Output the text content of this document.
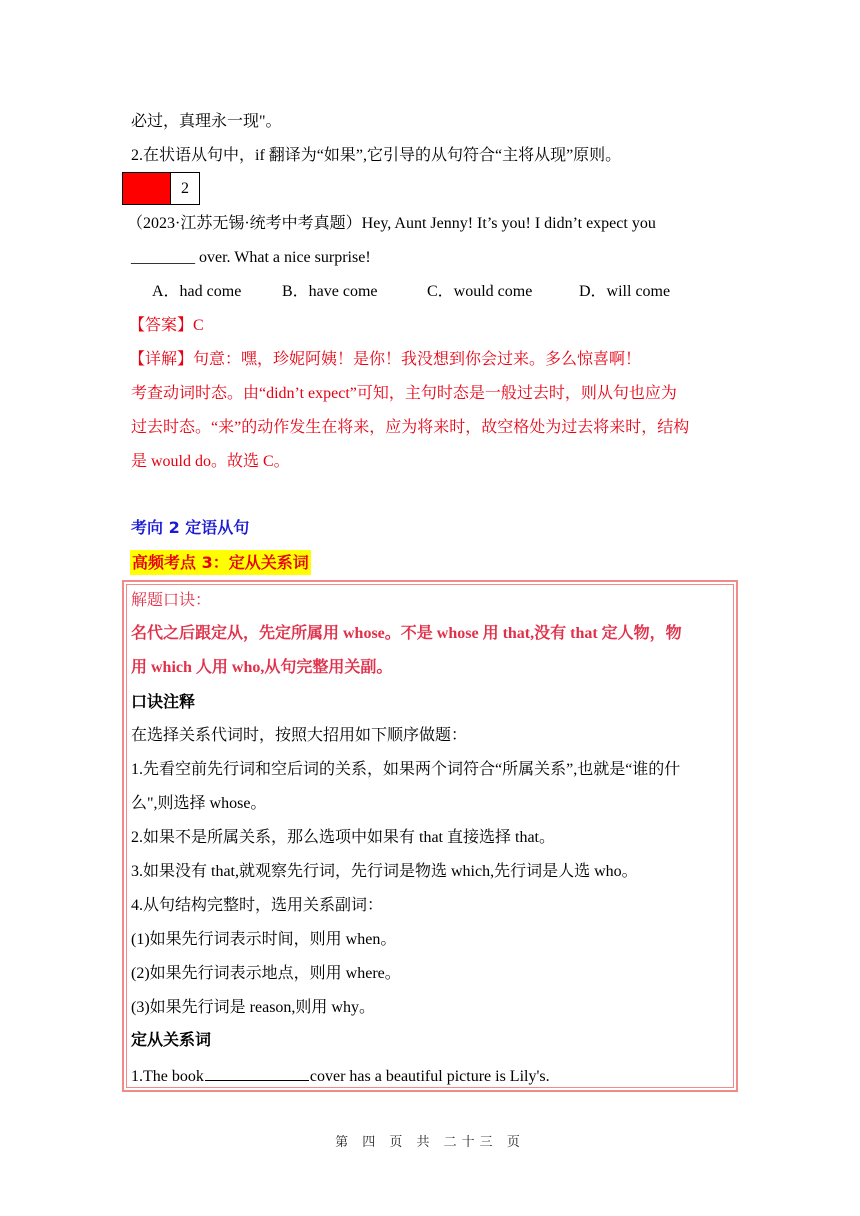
必过，真理永一现"。
2.在状语从句中，if 翻译为“如果”,它引导的从句符合“主将从现”原则。
2
（2023·江苏无锡·统考中考真题）Hey, Aunt Jenny! It’s you! I didn’t expect you
________ over. What a nice surprise!
A．had come	B．have come	C．would come	D．will come
【答案】C
【详解】句意：嘿，珍妮阿姨！是你！我没想到你会过来。多么惊喜啊！
考查动词时态。由“didn’t expect”可知，主句时态是一般过去时，则从句也应为
过去时态。“来”的动作发生在将来，应为将来时，故空格处为过去将来时，结构
是 would do。故选 C。
考向 2 定语从句
高频考点 3：定从关系词
解题口诀：
名代之后跟定从，先定所属用 whose。不是 whose 用 that,没有 that 定人物，物
用 which 人用 who,从句完整用关副。
口诀注释
在选择关系代词时，按照大招用如下顺序做题：
1.先看空前先行词和空后词的关系，如果两个词符合“所属关系”,也就是“谁的什
么",则选择 whose。
2.如果不是所属关系，那么选项中如果有 that 直接选择 that。
3.如果没有 that,就观察先行词，先行词是物选 which,先行词是人选 who。
4.从句结构完整时，选用关系副词：
(1)如果先行词表示时间，则用 when。
(2)如果先行词表示地点，则用 where。
(3)如果先行词是 reason,则用 why。
定从关系词
1.The book	cover has a beautiful picture is Lily's.
第 四 页 共 二十三 页
